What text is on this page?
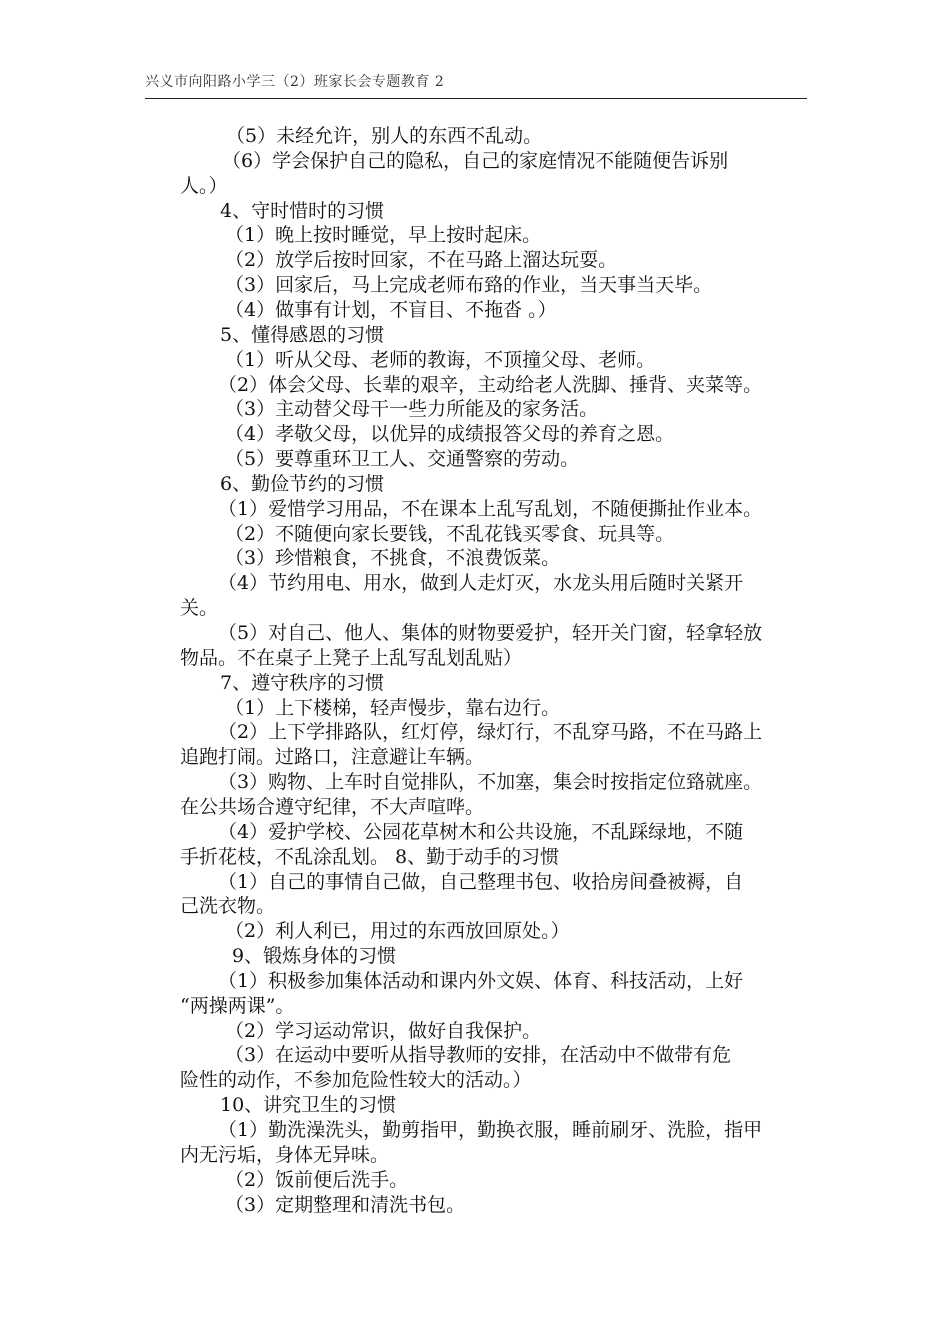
兴义市向阳路小学三（2）班家长会专题教育 2
（5）未经允许，别人的东西不乱动。
（6）学会保护自己的隐私，自己的家庭情况不能随便告诉别
人。）
4、守时惜时的习惯
（1）晚上按时睡觉，早上按时起床。
（2）放学后按时回家，不在马路上溜达玩耍。
（3）回家后，马上完成老师布臵的作业，当天事当天毕。
（4）做事有计划，不盲目、不拖沓 。）
5、懂得感恩的习惯
（1）听从父母、老师的教诲，不顶撞父母、老师。
（2）体会父母、长辈的艰辛，主动给老人洗脚、捶背、夹菜等。
（3）主动替父母干一些力所能及的家务活。
（4）孝敬父母，以优异的成绩报答父母的养育之恩。
（5）要尊重环卫工人、交通警察的劳动。
6、勤俭节约的习惯
（1）爱惜学习用品，不在课本上乱写乱划，不随便撕扯作业本。
（2）不随便向家长要钱，不乱花钱买零食、玩具等。
（3）珍惜粮食，不挑食，不浪费饭菜。
（4）节约用电、用水，做到人走灯灭，水龙头用后随时关紧开
关。
（5）对自己、他人、集体的财物要爱护，轻开关门窗，轻拿轻放
物品。不在桌子上凳子上乱写乱划乱贴）
7、遵守秩序的习惯
（1）上下楼梯，轻声慢步，靠右边行。
（2）上下学排路队，红灯停，绿灯行，不乱穿马路，不在马路上
追跑打闹。过路口，注意避让车辆。
（3）购物、上车时自觉排队，不加塞，集会时按指定位臵就座。
在公共场合遵守纪律，不大声喧哗。
（4）爱护学校、公园花草树木和公共设施，不乱踩绿地，不随
手折花枝，不乱涂乱划。 8、勤于动手的习惯
（1）自己的事情自己做，自己整理书包、收拾房间叠被褥，自
己洗衣物。
（2）利人利已，用过的东西放回原处。）
9、锻炼身体的习惯
（1）积极参加集体活动和课内外文娱、体育、科技活动，上好
“两操两课”。
（2）学习运动常识，做好自我保护。
（3）在运动中要听从指导教师的安排，在活动中不做带有危
险性的动作，不参加危险性较大的活动。）
10、讲究卫生的习惯
（1）勤洗澡洗头，勤剪指甲，勤换衣服，睡前刷牙、洗脸，指甲
内无污垢，身体无异味。
（2）饭前便后洗手。
（3）定期整理和清洗书包。
